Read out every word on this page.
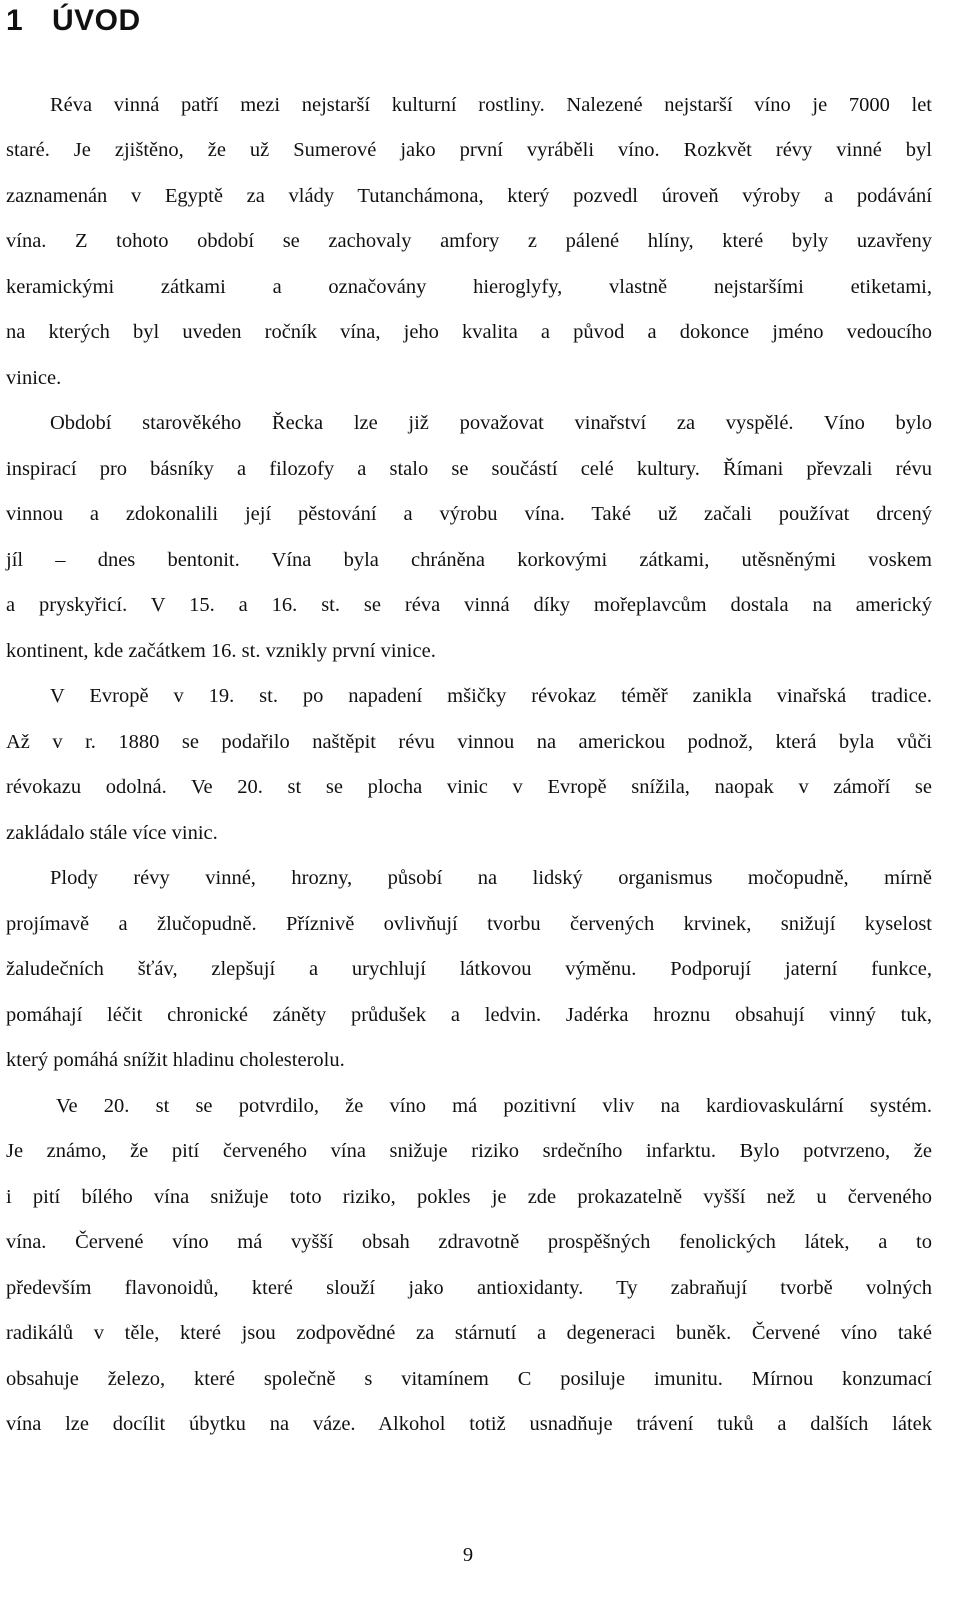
1 ÚVOD

Réva vinná patří mezi nejstarší kulturní rostliny. Nalezené nejstarší víno je 7000 let

staré. Je zjištěno, že už Sumerové jako první vyráběli víno. Rozkvět révy vinné byl

zaznamenán v Egyptě za vlády Tutanchámona, který pozvedl úroveň výroby a podávání

vína. Z tohoto období se zachovaly amfory z pálené hlíny, které byly uzavřeny

keramickými zátkami a označovány hieroglyfy, vlastně nejstaršími etiketami,

na kterých byl uveden ročník vína, jeho kvalita a původ a dokonce jméno vedoucího

vinice.

Období starověkého Řecka lze již považovat vinařství za vyspělé. Víno bylo

inspirací pro básníky a filozofy a stalo se součástí celé kultury. Římani převzali révu

vinnou a zdokonalili její pěstování a výrobu vína. Také už začali používat drcený

jíl – dnes bentonit. Vína byla chráněna korkovými zátkami, utěsněnými voskem

a pryskyřicí. V 15. a 16. st. se réva vinná díky mořeplavcům dostala na americký

kontinent, kde začátkem 16. st. vznikly první vinice.

V Evropě v 19. st. po napadení mšičky révokaz téměř zanikla vinařská tradice.

Až v r. 1880 se podařilo naštěpit révu vinnou na americkou podnož, která byla vůči

révokazu odolná. Ve 20. st se plocha vinic v Evropě snížila, naopak v zámoří se

zakládalo stále více vinic.

Plody révy vinné, hrozny, působí na lidský organismus močopudně, mírně

projímavě a žlučopudně. Příznivě ovlivňují tvorbu červených krvinek, snižují kyselost

žaludečních šťáv, zlepšují a urychlují látkovou výměnu. Podporují jaterní funkce,

pomáhají léčit chronické záněty průdušek a ledvin. Jadérka hroznu obsahují vinný tuk,

který pomáhá snížit hladinu cholesterolu.

Ve 20. st se potvrdilo, že víno má pozitivní vliv na kardiovaskulární systém.

Je známo, že pití červeného vína snižuje riziko srdečního infarktu. Bylo potvrzeno, že

i pití bílého vína snižuje toto riziko, pokles je zde prokazatelně vyšší než u červeného

vína. Červené víno má vyšší obsah zdravotně prospěšných fenolických látek, a to

především flavonoidů, které slouží jako antioxidanty. Ty zabraňují tvorbě volných

radikálů v těle, které jsou zodpovědné za stárnutí a degeneraci buněk. Červené víno také

obsahuje železo, které společně s vitamínem C posiluje imunitu. Mírnou konzumací

vína lze docílit úbytku na váze. Alkohol totiž usnadňuje trávení tuků a dalších látek

9
